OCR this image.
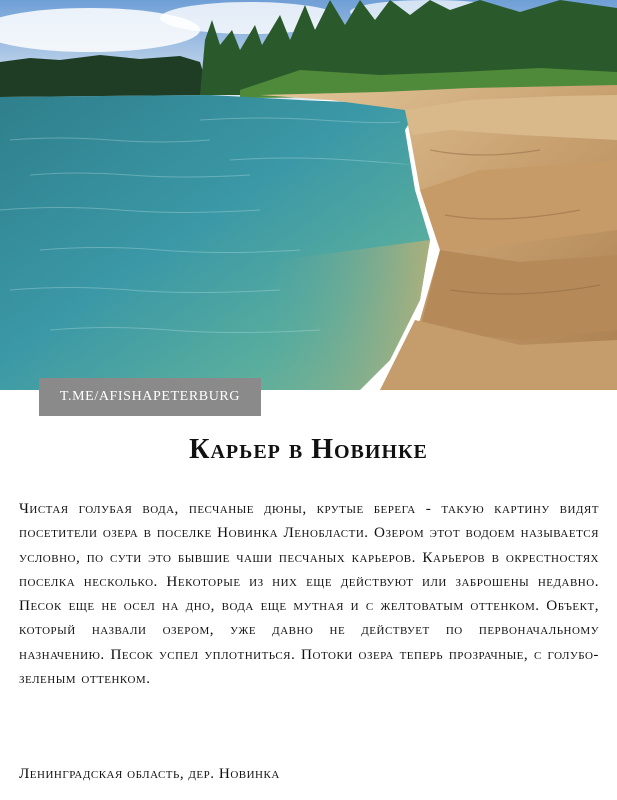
T.ME/AFISHAPETERBURG
Карьер в Новинке

Чистая голубая вода, песчаные дюны, крутые берега - такую картину видят посетители озера в поселке Новинка Ленобласти. Озером этот водоем называется условно, по сути это бывшие чаши песчаных карьеров. Карьеров в окрестностях поселка несколько. Некоторые из них еще действуют или заброшены недавно. Песок еще не осел на дно, вода еще мутная и с желтоватым оттенком. Объект, который назвали озером, уже давно не действует по первоначальному назначению. Песок успел уплотниться. Потоки озера теперь прозрачные, с голубо-зеленым оттенком.

Ленинградская область, дер. Новинка
